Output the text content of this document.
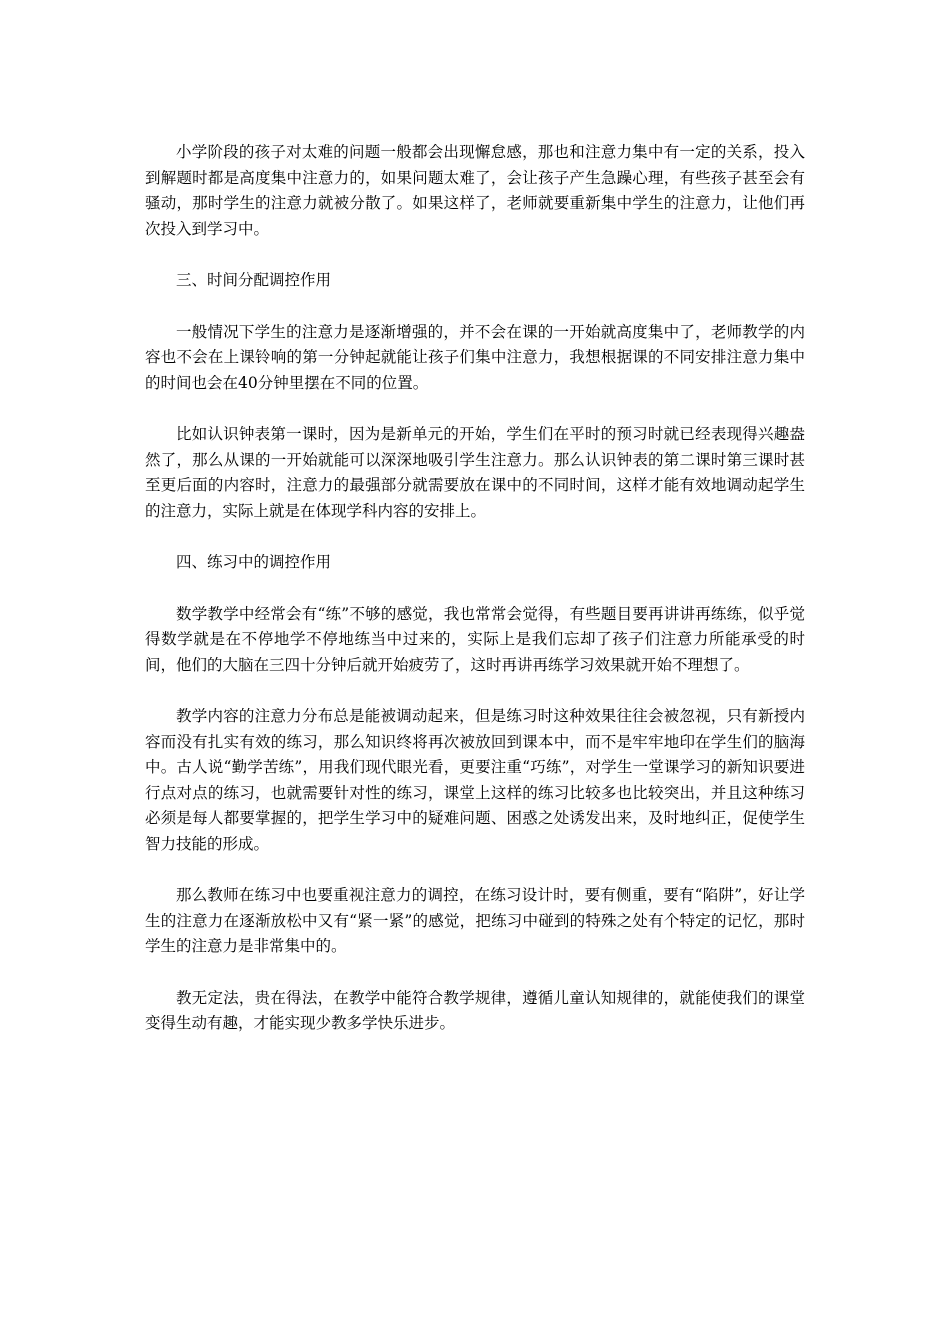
小学阶段的孩子对太难的问题一般都会出现懈怠感，那也和注意力集中有一定的关系，投入到解题时都是高度集中注意力的，如果问题太难了，会让孩子产生急躁心理，有些孩子甚至会有骚动，那时学生的注意力就被分散了。如果这样了，老师就要重新集中学生的注意力，让他们再次投入到学习中。

三、时间分配调控作用

一般情况下学生的注意力是逐渐增强的，并不会在课的一开始就高度集中了，老师教学的内容也不会在上课铃响的第一分钟起就能让孩子们集中注意力，我想根据课的不同安排注意力集中的时间也会在40分钟里摆在不同的位置。

比如认识钟表第一课时，因为是新单元的开始，学生们在平时的预习时就已经表现得兴趣盎然了，那么从课的一开始就能可以深深地吸引学生注意力。那么认识钟表的第二课时第三课时甚至更后面的内容时，注意力的最强部分就需要放在课中的不同时间，这样才能有效地调动起学生的注意力，实际上就是在体现学科内容的安排上。

四、练习中的调控作用

数学教学中经常会有“练”不够的感觉，我也常常会觉得，有些题目要再讲讲再练练，似乎觉得数学就是在不停地学不停地练当中过来的，实际上是我们忘却了孩子们注意力所能承受的时间，他们的大脑在三四十分钟后就开始疲劳了，这时再讲再练学习效果就开始不理想了。

教学内容的注意力分布总是能被调动起来，但是练习时这种效果往往会被忽视，只有新授内容而没有扎实有效的练习，那么知识终将再次被放回到课本中，而不是牢牢地印在学生们的脑海中。古人说“勤学苦练”，用我们现代眼光看，更要注重“巧练”，对学生一堂课学习的新知识要进行点对点的练习，也就需要针对性的练习，课堂上这样的练习比较多也比较突出，并且这种练习必须是每人都要掌握的，把学生学习中的疑难问题、困惑之处诱发出来，及时地纠正，促使学生智力技能的形成。

那么教师在练习中也要重视注意力的调控，在练习设计时，要有侧重，要有“陷阱”，好让学生的注意力在逐渐放松中又有“紧一紧”的感觉，把练习中碰到的特殊之处有个特定的记忆，那时学生的注意力是非常集中的。

教无定法，贵在得法，在教学中能符合教学规律，遵循儿童认知规律的，就能使我们的课堂变得生动有趣，才能实现少教多学快乐进步。
